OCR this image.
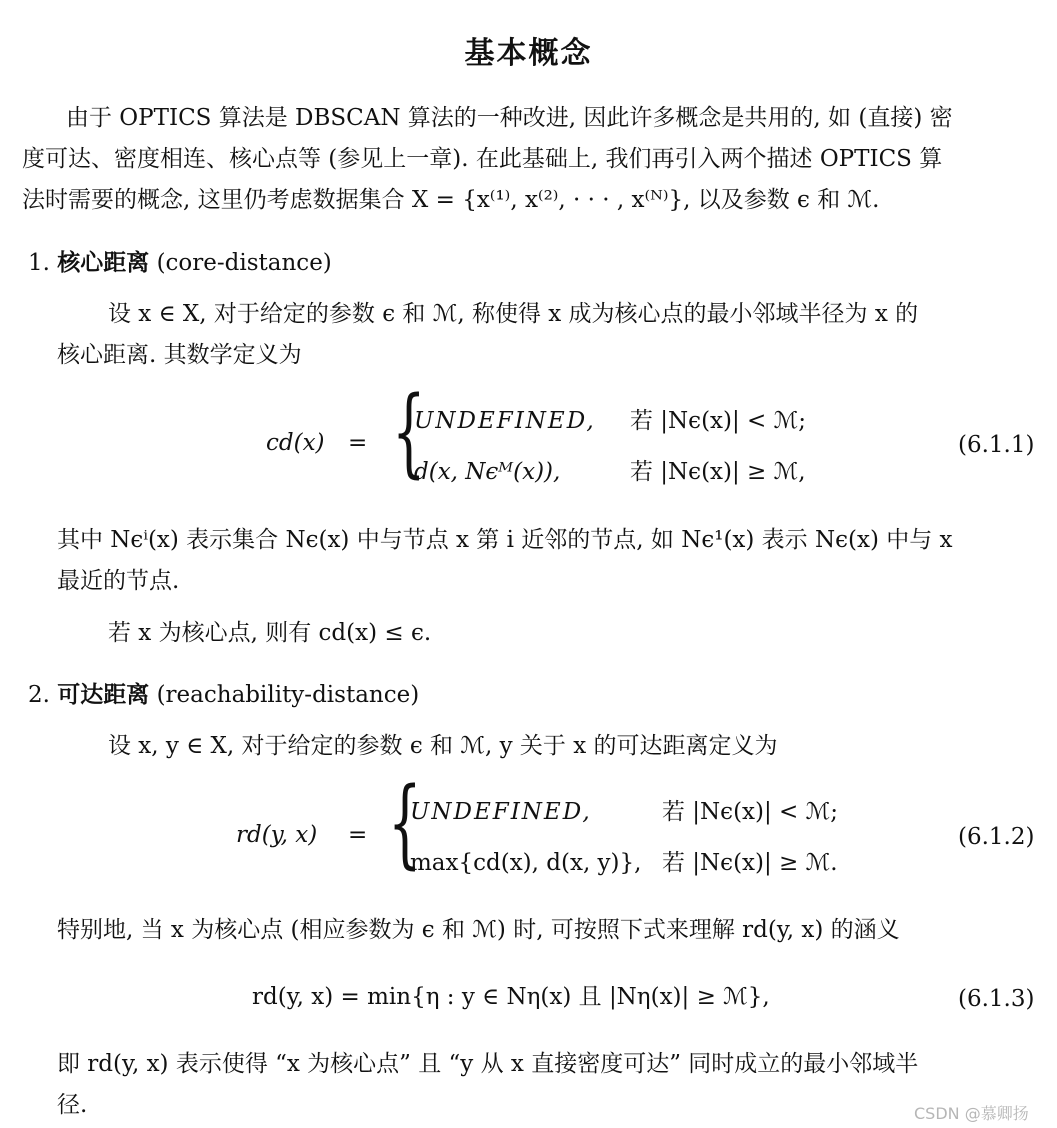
基本概念
由于 OPTICS 算法是 DBSCAN 算法的一种改进, 因此许多概念是共用的, 如 (直接) 密
度可达、密度相连、核心点等 (参见上一章). 在此基础上, 我们再引入两个描述 OPTICS 算
法时需要的概念, 这里仍考虑数据集合 X = {x⁽¹⁾, x⁽²⁾, · · · , x⁽ᴺ⁾}, 以及参数 ϵ 和 ℳ.
1. 核心距离 (core-distance)
设 x ∈ X, 对于给定的参数 ϵ 和 ℳ, 称使得 x 成为核心点的最小邻域半径为 x 的
核心距离. 其数学定义为
cd(x) = {
UNDEFINED, 若 |Nϵ(x)| < ℳ;
d(x, Nϵᴹ(x)),	若 |Nϵ(x)| ≥ ℳ,
(6.1.1)
其中 Nϵⁱ(x) 表示集合 Nϵ(x) 中与节点 x 第 i 近邻的节点, 如 Nϵ¹(x) 表示 Nϵ(x) 中与 x
最近的节点.
若 x 为核心点, 则有 cd(x) ≤ ϵ.
2. 可达距离 (reachability-distance)
设 x, y ∈ X, 对于给定的参数 ϵ 和 ℳ, y 关于 x 的可达距离定义为
rd(y, x) = {
UNDEFINED,	若 |Nϵ(x)| < ℳ;
max{cd(x), d(x, y)}, 若 |Nϵ(x)| ≥ ℳ.
(6.1.2)
特别地, 当 x 为核心点 (相应参数为 ϵ 和 ℳ) 时, 可按照下式来理解 rd(y, x) 的涵义
rd(y, x) = min{η : y ∈ Nη(x) 且 |Nη(x)| ≥ ℳ},	(6.1.3)
即 rd(y, x) 表示使得 “x 为核心点” 且 “y 从 x 直接密度可达” 同时成立的最小邻域半
径.	CSDN @慕卿扬
